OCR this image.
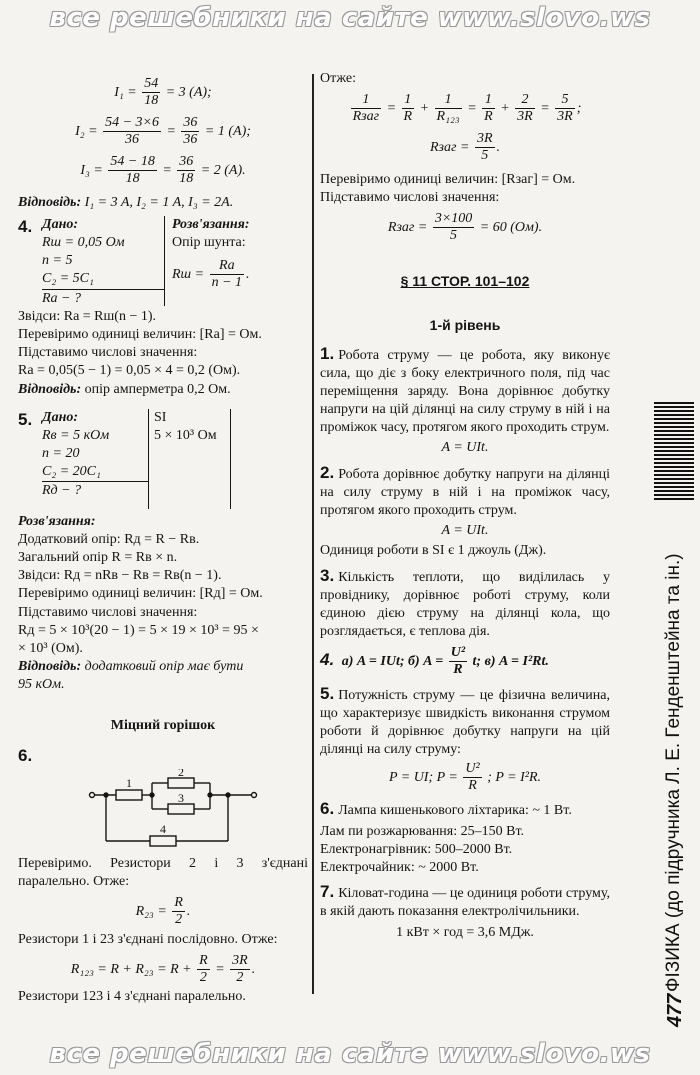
все решебники на сайте www.slovo.ws
$I_1 = \frac{54}{18} = 3$ (A);
$I_2 = \frac{54 - 3\times 6}{36} = \frac{36}{36} = 1$ (A);
$I_3 = \frac{54 - 18}{18} = \frac{36}{18} = 2$ (A).

Відповідь: I₁ = 3 A, I₂ = 1 A, I₃ = 2A.

4. Дано:
Rш = 0,05 Ом
n = 5
C₂ = 5C₁
Rа − ?
Розв'язання:
Опір шунта:
Rш = $\frac{Rа}{n - 1}$ .

Звідси: Rа = Rш(n − 1).

Перевіримо одиниці величин: [Rа] = Ом.

Підставимо числові значення:

Rа = 0,05(5 − 1) = 0,05 × 4 = 0,2 (Ом).

Відповідь: опір амперметра 0,2 Ом.

5. Дано:
Rв = 5 кОм
n = 20
C₂ = 20C₁
Rд − ?
SI
5 × 10³ Ом

Розв'язання:

Додатковий опір: Rд = R − Rв.

Загальний опір R = Rв × n.

Звідси: Rд = nRв − Rв = Rв(n − 1).

Перевіримо одиниці величин: [Rд] = Ом.

Підставимо числові значення:

Rд = 5 × 10³(20 − 1) = 5 × 19 × 10³ = 95 ×

× 10³ (Ом).

Відповідь: додатковий опір має бути

95 кОм.

Міцний горішок
6.
1
2
3
4

Перевіримо. Резистори 2 і 3 з'єднані паралельно. Отже:

$R_{23} = \frac{R}{2}$ .

Резистори 1 і 23 з'єднані послідовно. Отже:

$R_{123} = R + R_{23} = R + \frac{R}{2} = \frac{3R}{2}$ .

Резистори 123 і 4 з'єднані паралельно.

Отже:

$\frac{1}{\text{Rзаг}} = \frac{1}{R} + \frac{1}{\text{R₁₂₃}} = \frac{1}{R} + \frac{2}{3R} = \frac{5}{3R}$ ;
Rзаг = $\frac{3R}{5}$ .

Перевіримо одиниці величин: [Rзаг] = Ом.

Підставимо числові значення:

Rзаг = $\frac{3\times 100}{5} = 60$ (Ом).
§ 11 СТОР. 101–102
1-й рівень

1. Робота струму — це робота, яку виконує сила, що діє з боку електричного поля, під час переміщення заряду. Вона дорівнює добутку напруги на цій ділянці на силу струму в ній і на проміжок часу, протягом якого проходить струм.

A = UIt.

2. Робота дорівнює добутку напруги на ділянці на силу струму в ній і на проміжок часу, протягом якого проходить струм.

A = UIt.

Одиниця роботи в SI є 1 джоуль (Дж).

3. Кількість теплоти, що виділилась у провіднику, дорівнює роботі струму, коли єдиною дією струму на ділянці кола, що розглядається, є теплова дія.

4. а) A = IUt; б) $A = \frac{\text{U²}}{R} t$; в) A = I²Rt.

5. Потужність струму — це фізична величина, що характеризує швидкість виконання струмом роботи й дорівнює добутку напруги на цій ділянці на силу струму:

P = UI; $P = \frac{\text{U²}}{R}$ ; P = I²R.

6. Лампа кишенькового ліхтарика: ~ 1 Вт.

Лам пи розжарювання: 25–150 Вт.

Електронагрівник: 500–2000 Вт.

Електрочайник: ~ 2000 Вт.

7. Кіловат-година — це одиниця роботи струму, в якій дають показання електролічильники.

1 кВт × год = 3,6 МДж.	ФІЗИКА (до підручника Л. Е. Генденштейна та ін.)
477
все решебники на сайте www.slovo.ws
